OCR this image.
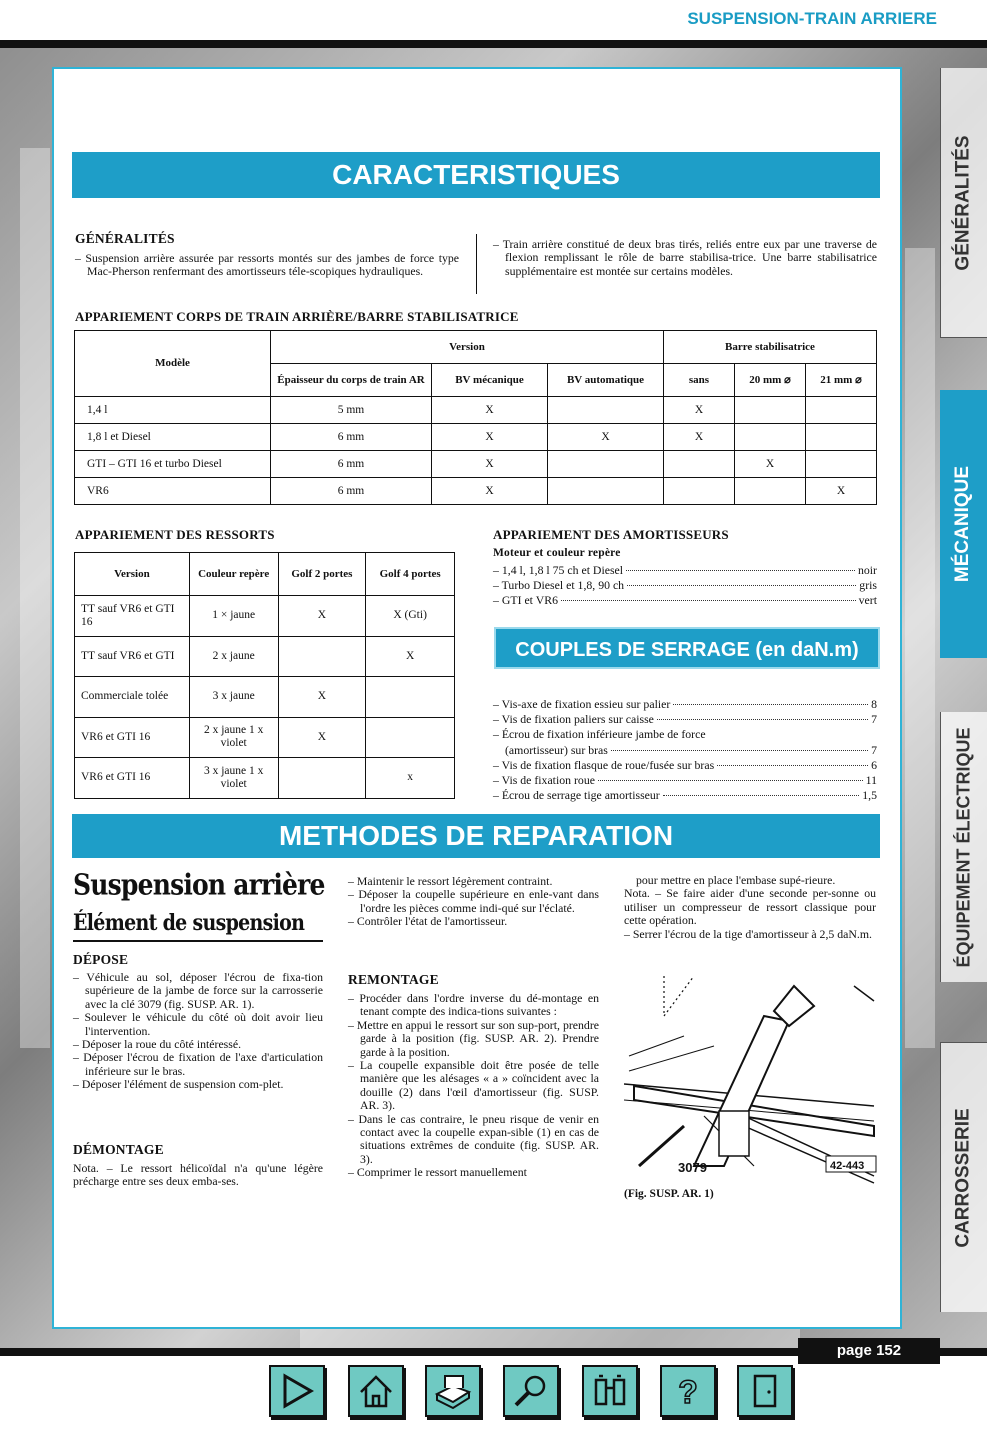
SUSPENSION-TRAIN ARRIERE
CARACTERISTIQUES
GÉNÉRALITÉS
– Suspension arrière assurée par ressorts montés sur des jambes de force type Mac-Pherson renfermant des amortisseurs téle-scopiques hydrauliques.
– Train arrière constitué de deux bras tirés, reliés entre eux par une traverse de flexion remplissant le rôle de barre stabilisa-trice. Une barre stabilisatrice supplémentaire est montée sur certains modèles.
APPARIEMENT CORPS DE TRAIN ARRIÈRE/BARRE STABILISATRICE
Modèle	Version			Barre stabilisatrice		
	Épaisseur du corps de train AR	BV mécanique	BV automatique	sans	20 mm ⌀	21 mm ⌀
1,4 l	5 mm	X		X		
1,8 l et Diesel	6 mm	X	X	X		
GTI – GTI 16 et turbo Diesel	6 mm	X			X	
VR6	6 mm	X				X
APPARIEMENT DES RESSORTS
Version	Couleur repère	Golf 2 portes	Golf 4 portes
TT sauf VR6 et GTI 16	1 × jaune	X	X (Gti)
TT sauf VR6 et GTI	2 x jaune		X
Commerciale tolée	3 x jaune	X	
VR6 et GTI 16	2 x jaune 1 x violet	X	
VR6 et GTI 16	3 x jaune 1 x violet		x
APPARIEMENT DES AMORTISSEURS
Moteur et couleur repère
– 1,4 l, 1,8 l 75 ch et Diesel	noir
– Turbo Diesel et 1,8, 90 ch	gris
– GTI et VR6	vert
COUPLES DE SERRAGE (en daN.m)
– Vis-axe de fixation essieu sur palier	8
– Vis de fixation paliers sur caisse	7
– Écrou de fixation inférieure jambe de force
(amortisseur) sur bras	7
– Vis de fixation flasque de roue/fusée sur bras	6
– Vis de fixation roue	11
– Écrou de serrage tige amortisseur	1,5
METHODES DE REPARATION
Suspension arrière
Élément de suspension
DÉPOSE
– Véhicule au sol, déposer l'écrou de fixa-tion supérieure de la jambe de force sur la carrosserie avec la clé 3079 (fig. SUSP. AR. 1).
– Soulever le véhicule du côté où doit avoir lieu l'intervention.
– Déposer la roue du côté intéressé.
– Déposer l'écrou de fixation de l'axe d'articulation inférieure sur le bras.
– Déposer l'élément de suspension com-plet.
DÉMONTAGE
Nota. – Le ressort hélicoïdal n'a qu'une légère précharge entre ses deux emba-ses.
– Maintenir le ressort légèrement contraint.
– Déposer la coupelle supérieure en enle-vant dans l'ordre les pièces comme indi-qué sur l'éclaté.
– Contrôler l'état de l'amortisseur.
REMONTAGE
– Procéder dans l'ordre inverse du dé-montage en tenant compte des indica-tions suivantes :
– Mettre en appui le ressort sur son sup-port, prendre garde à la position (fig. SUSP. AR. 2). Prendre garde à la position.
– La coupelle expansible doit être posée de telle manière que les alésages « a » coïncident avec la douille (2) dans l'œil d'amortisseur (fig. SUSP. AR. 3).
– Dans le cas contraire, le pneu risque de venir en contact avec la coupelle expan-sible (1) en cas de situations extrêmes de conduite (fig. SUSP. AR. 3).
– Comprimer le ressort manuellement
pour mettre en place l'embase supé-rieure.
Nota. – Se faire aider d'une seconde per-sonne ou utiliser un compresseur de ressort classique pour cette opération.
– Serrer l'écrou de la tige d'amortisseur à 2,5 daN.m.
3079	42-443
(Fig. SUSP. AR. 1)
GÉNÉRALITÉS
MÉCANIQUE
ÉQUIPEMENT ÉLECTRIQUE
CARROSSERIE
page 152
?
